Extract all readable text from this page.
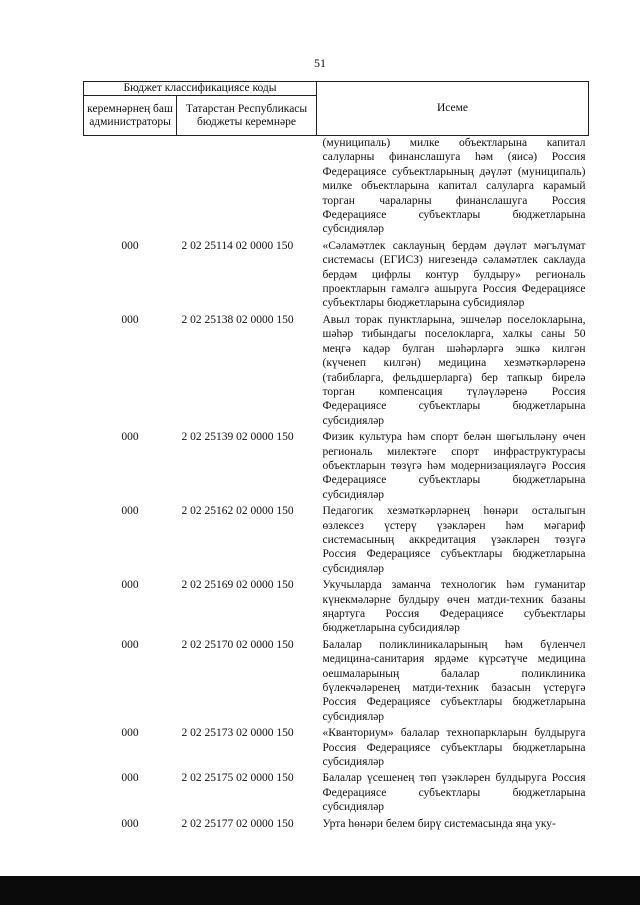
51
Бюджет классификациясе коды		Исеме
керемнәрнең баш администраторы	Татарстан Республикасы бюджеты керемнәре	
		(муниципаль) милке объектларына капитал салуларны финанслашуга һәм (яисә) Россия Федерациясе субъектларының дәүләт (муниципаль) милке объектларына капитал салуларга карамый торган чараларны финанслашуга Россия Федерациясе субъектлары бюджетларына субсидияләр
000	2 02 25114 02 0000 150	«Сәламәтлек саклауның бердәм дәүләт мәгълүмат системасы (ЕГИСЗ) нигезендә сәламәтлек саклауда бердәм цифрлы контур булдыру» региональ проектларын гамәлгә ашыруга Россия Федерациясе субъектлары бюджетларына субсидияләр
000	2 02 25138 02 0000 150	Авыл торак пунктларына, эшчеләр поселокларына, шәһәр тибындагы поселокларга, халкы саны 50 меңгә кадәр булган шәһәрләргә эшкә килгән (күченеп килгән) медицина хезмәткәрләренә (табибларга, фельдшерларга) бер тапкыр бирелә торган компенсация түләүләренә Россия Федерациясе субъектлары бюджетларына субсидияләр
000	2 02 25139 02 0000 150	Физик культура һәм спорт белән шөгыльләну өчен региональ милектәге спорт инфраструктурасы объектларын төзүгә һәм модернизацияләүгә Россия Федерациясе субъектлары бюджетларына субсидияләр
000	2 02 25162 02 0000 150	Педагогик хезмәткәрләрнең һөнәри осталыгын өзлексез үстерү үзәкләрен һәм мәгариф системасының аккредитация үзәкләрен төзүгә Россия Федерациясе субъектлары бюджетларына субсидияләр
000	2 02 25169 02 0000 150	Укучыларда заманча технологик һәм гуманитар күнекмәләрне булдыру өчен матди-техник базаны яңартуга Россия Федерациясе субъектлары бюджетларына субсидияләр
000	2 02 25170 02 0000 150	Балалар поликлиникаларының һәм бүленчел медицина-санитария ярдәме күрсәтүче медицина оешмаларының балалар поликлиника бүлекчәләренең матди-техник базасын үстерүгә Россия Федерациясе субъектлары бюджетларына субсидияләр
000	2 02 25173 02 0000 150	«Кванториум» балалар технопаркларын булдыруга Россия Федерациясе субъектлары бюджетларына субсидияләр
000	2 02 25175 02 0000 150	Балалар үсешенең төп үзәкләрен булдыруга Россия Федерациясе субъектлары бюджетларына субсидияләр
000	2 02 25177 02 0000 150	Урта һөнәри белем бирү системасында яңа уку-
